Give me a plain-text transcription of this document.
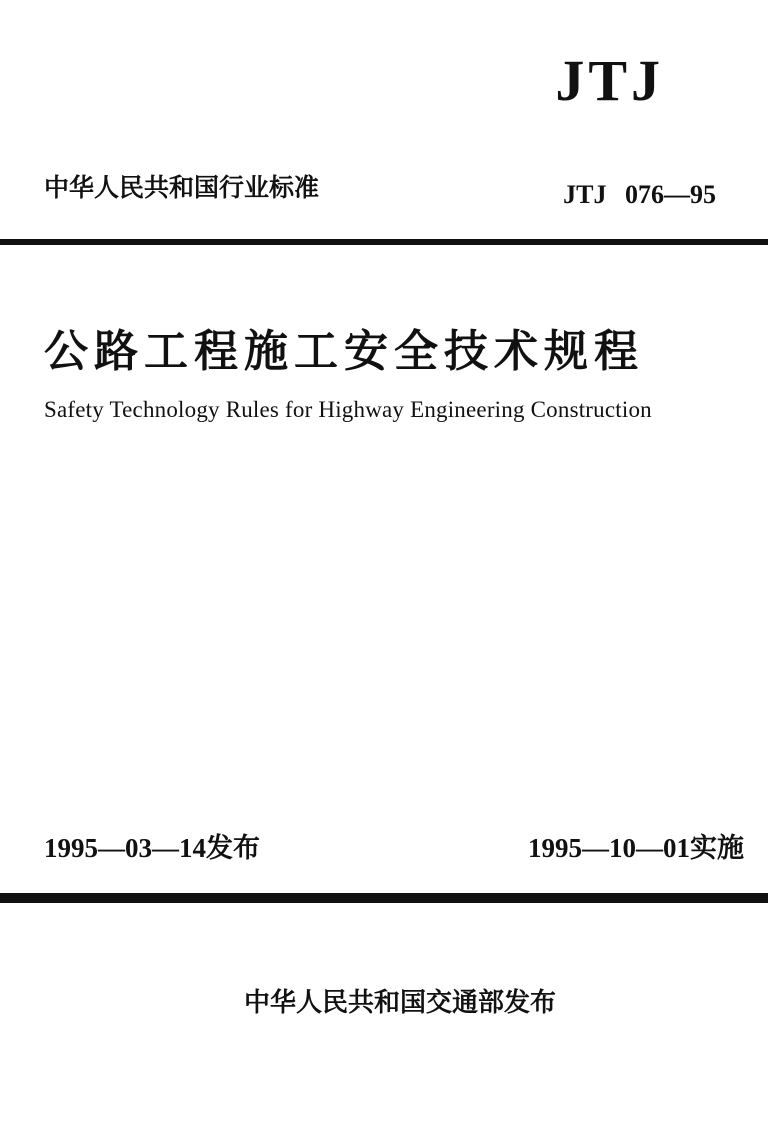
JTJ
中华人民共和国行业标准	JTJ 076—95
公路工程施工安全技术规程
Safety Technology Rules for Highway Engineering Construction
1995—03—14发布	1995—10—01实施
中华人民共和国交通部发布
